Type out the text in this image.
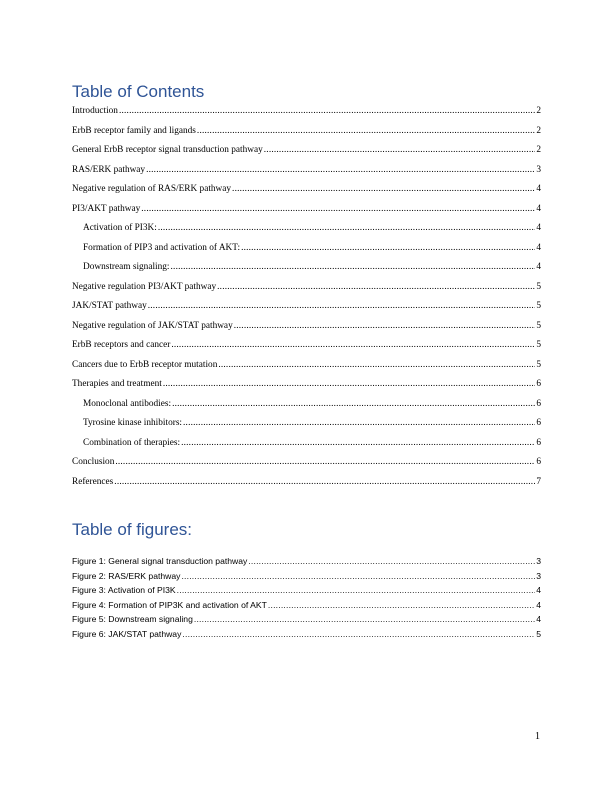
Table of Contents
Introduction .....	2
ErbB receptor family and ligands .....	2
General ErbB receptor signal transduction pathway .....	2
RAS/ERK pathway .....	3
Negative regulation of RAS/ERK pathway .....	4
PI3/AKT pathway .....	4
Activation of PI3K: .....	4
Formation of PIP3 and activation of AKT: .....	4
Downstream signaling: .....	4
Negative regulation PI3/AKT pathway .....	5
JAK/STAT pathway .....	5
Negative regulation of JAK/STAT pathway .....	5
ErbB receptors and cancer .....	5
Cancers due to ErbB receptor mutation .....	5
Therapies and treatment .....	6
Monoclonal antibodies: .....	6
Tyrosine kinase inhibitors: .....	6
Combination of therapies: .....	6
Conclusion .....	6
References .....	7
Table of figures:
Figure 1: General signal transduction pathway .....	3
Figure 2: RAS/ERK pathway .....	3
Figure 3: Activation of PI3K .....	4
Figure 4: Formation of PIP3K and activation of AKT .....	4
Figure 5: Downstream signaling .....	4
Figure 6: JAK/STAT pathway .....	5
1
